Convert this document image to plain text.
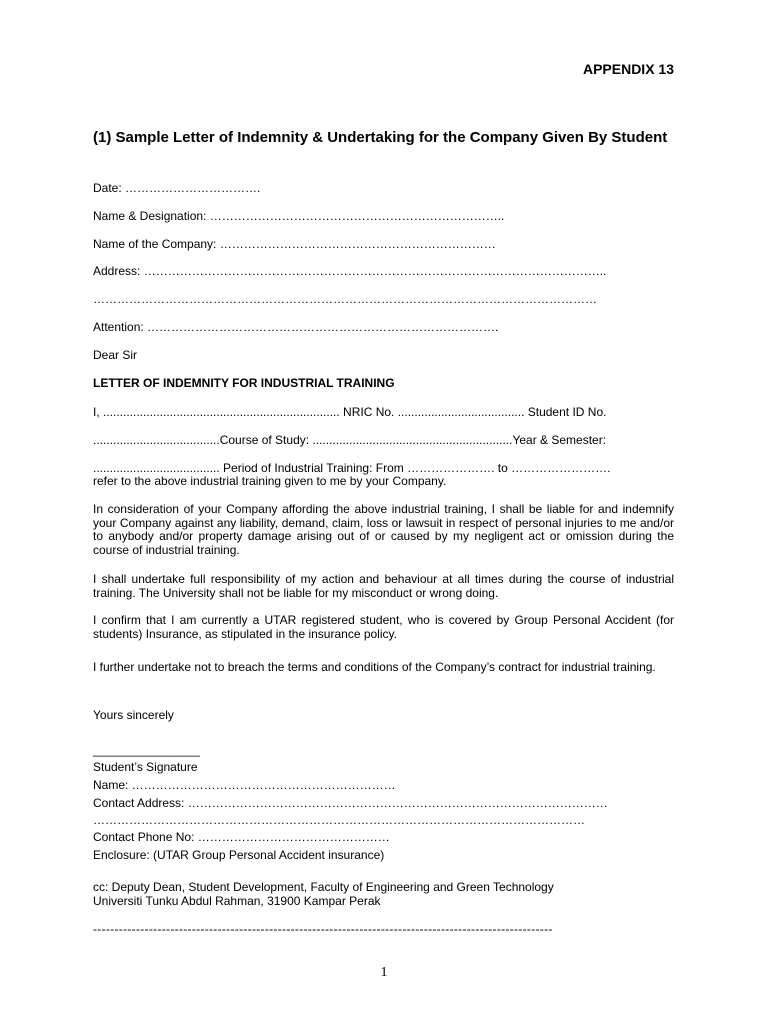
APPENDIX 13
(1) Sample Letter of Indemnity & Undertaking for the Company Given By Student
Date: …………………………….
Name & Designation: ………………………………………………………………..
Name of the Company: ……………………………………………………………
Address: ……………………………………………………………………………………………………..
………………………………………………………………………………………………………………
Attention: …………………………………………………………………………….
Dear Sir
LETTER OF INDEMNITY FOR INDUSTRIAL TRAINING
I, ....................................................................... NRIC No. ...................................... Student ID No.
......................................Course of Study: ............................................................Year & Semester:
...................................... Period of Industrial Training: From …………………. to …………………….
refer to the above industrial training given to me by your Company.
In consideration of your Company affording the above industrial training, I shall be liable for and indemnify your Company against any liability, demand, claim, loss or lawsuit in respect of personal injuries to me and/or to anybody and/or property damage arising out of or caused by my negligent act or omission during the course of industrial training.
I shall undertake full responsibility of my action and behaviour at all times during the course of industrial training. The University shall not be liable for my misconduct or wrong doing.
I confirm that I am currently a UTAR registered student, who is covered by Group Personal Accident (for students) Insurance, as stipulated in the insurance policy.
I further undertake not to breach the terms and conditions of the Company’s contract for industrial training.
Yours sincerely
________________
Student’s Signature
Name: …………………………………………………………
Contact Address: ……………………………………………………………………………………………
……………………………………………………………………………………………………………
Contact Phone No: …………………………………………
Enclosure: (UTAR Group Personal Accident insurance)
cc: Deputy Dean, Student Development, Faculty of Engineering and Green Technology
Universiti Tunku Abdul Rahman, 31900 Kampar Perak
-----------------------------------------------------------------------------------------------------------
1
